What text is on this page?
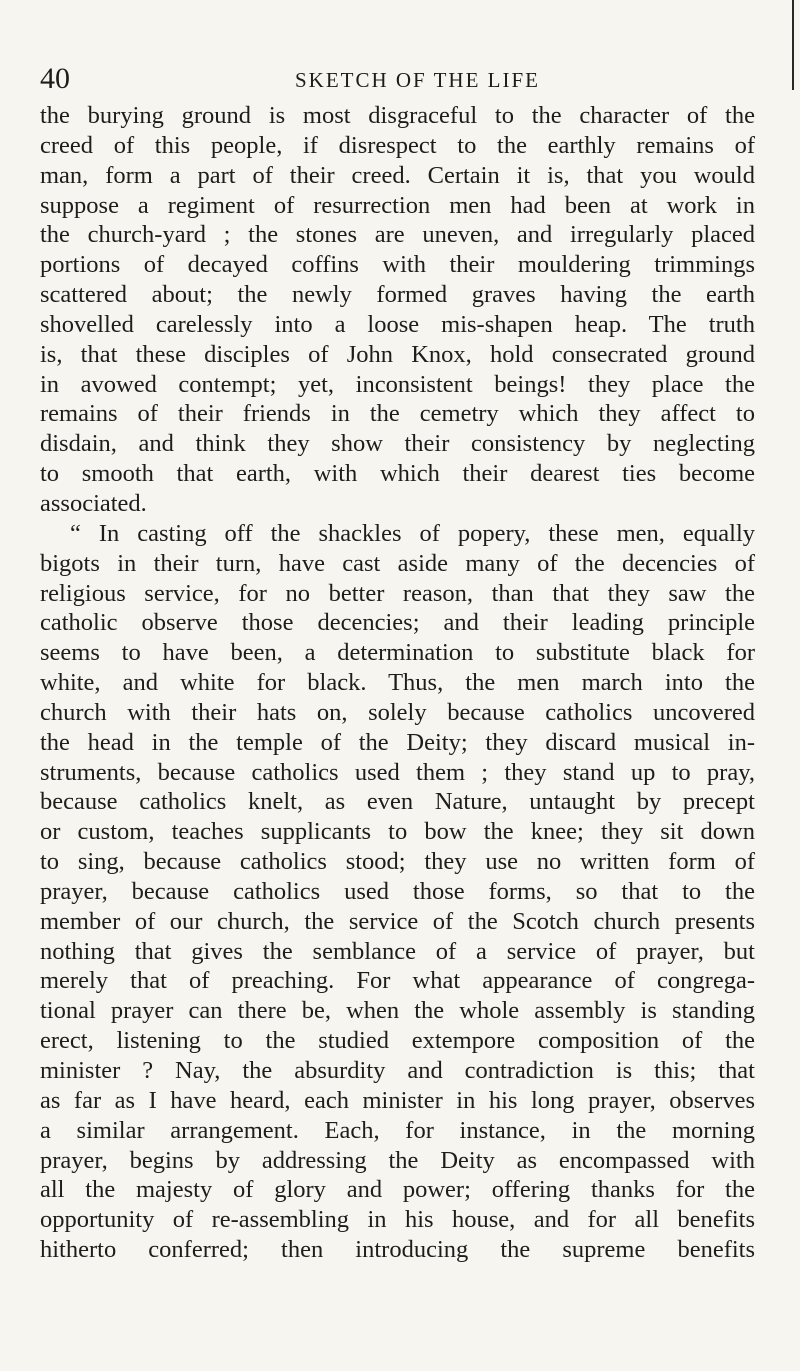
40	SKETCH OF THE LIFE
the burying ground is most disgraceful to the character of the
creed of this people, if disrespect to the earthly remains of
man, form a part of their creed. Certain it is, that you would
suppose a regiment of resurrection men had been at work in
the church-yard ; the stones are uneven, and irregularly placed
portions of decayed coffins with their mouldering trimmings
scattered about; the newly formed graves having the earth
shovelled carelessly into a loose mis-shapen heap. The truth
is, that these disciples of John Knox, hold consecrated ground
in avowed contempt; yet, inconsistent beings! they place the
remains of their friends in the cemetry which they affect to
disdain, and think they show their consistency by neglecting
to smooth that earth, with which their dearest ties become
associated.
“ In casting off the shackles of popery, these men, equally
bigots in their turn, have cast aside many of the decencies of
religious service, for no better reason, than that they saw the
catholic observe those decencies; and their leading principle
seems to have been, a determination to substitute black for
white, and white for black. Thus, the men march into the
church with their hats on, solely because catholics uncovered
the head in the temple of the Deity; they discard musical in-
struments, because catholics used them ; they stand up to pray,
because catholics knelt, as even Nature, untaught by precept
or custom, teaches supplicants to bow the knee; they sit down
to sing, because catholics stood; they use no written form of
prayer, because catholics used those forms, so that to the
member of our church, the service of the Scotch church presents
nothing that gives the semblance of a service of prayer, but
merely that of preaching. For what appearance of congrega-
tional prayer can there be, when the whole assembly is standing
erect, listening to the studied extempore composition of the
minister ? Nay, the absurdity and contradiction is this; that
as far as I have heard, each minister in his long prayer, observes
a similar arrangement. Each, for instance, in the morning
prayer, begins by addressing the Deity as encompassed with
all the majesty of glory and power; offering thanks for the
opportunity of re-assembling in his house, and for all benefits
hitherto conferred; then introducing the supreme benefits
